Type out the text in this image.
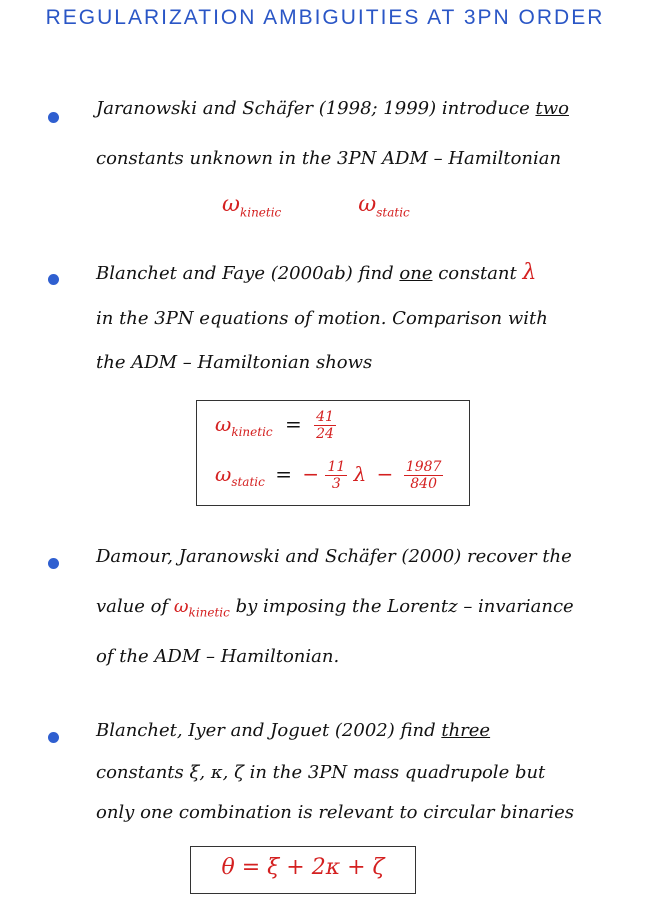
REGULARIZATION AMBIGUITIES AT 3PN ORDER
Jaranowski and Schäfer (1998; 1999) introduce two
constants unknown in the 3PN ADM – Hamiltonian
$\omega_{kinetic}$	$\omega_{static}$
Blanchet and Faye (2000ab) find one constant λ
in the 3PN equations of motion. Comparison with
the ADM – Hamiltonian shows
$\omega_{kinetic} = \frac{41}{24}$
$\omega_{static}$ = − $\frac{11}{3}$ $\lambda - \frac{1987}{840}$
Damour, Jaranowski and Schäfer (2000) recover the
value of $\omega_{kinetic}$ by imposing the Lorentz – invariance
of the ADM – Hamiltonian.
Blanchet, Iyer and Joguet (2002) find three
constants ξ, κ, ζ in the 3PN mass quadrupole but
only one combination is relevant to circular binaries
θ = ξ + 2κ + ζ
